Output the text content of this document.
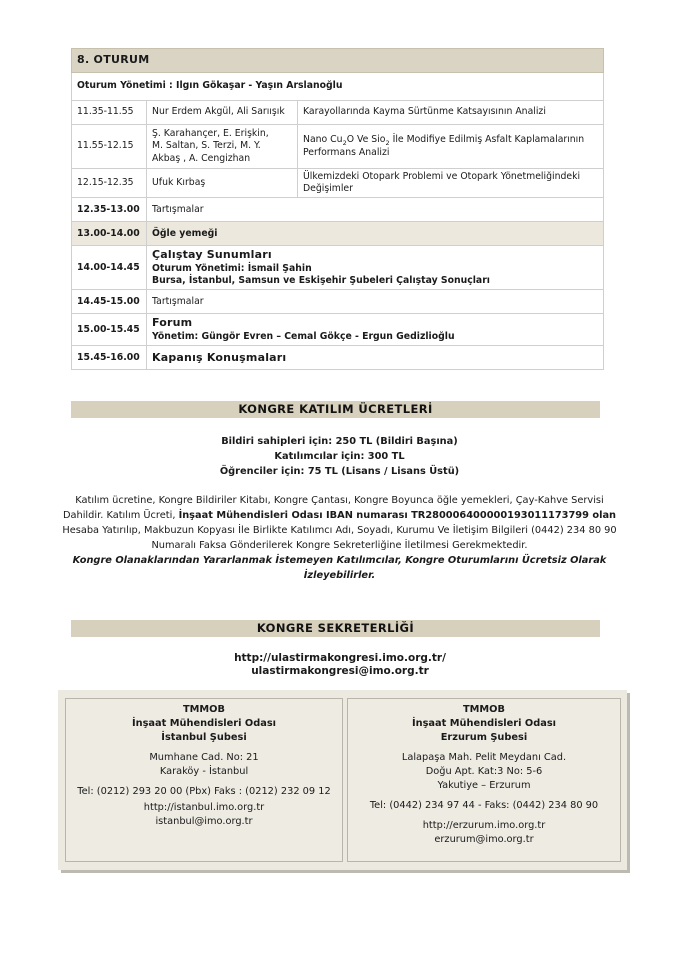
8. OTURUM		
Oturum Yönetimi : Ilgın Gökaşar - Yaşın Arslanoğlu		
11.35-11.55	Nur Erdem Akgül, Ali Sarıışık	Karayollarında Kayma Sürtünme Katsayısının Analizi
11.55-12.15	Ş. Karahançer, E. Erişkin,
M. Saltan, S. Terzi, M. Y.
Akbaş , A. Cengizhan	Nano $Cu_2O$ Ve Sio$_2$ İle Modifiye Edilmiş Asfalt Kaplamalarının Performans Analizi
12.15-12.35	Ufuk Kırbaş	Ülkemizdeki Otopark Problemi ve Otopark Yönetmeliğindeki Değişimler
12.35-13.00	Tartışmalar	
13.00-14.00	Öğle yemeği	
14.00-14.45	Çalıştay Sunumları
Oturum Yönetimi: İsmail Şahin
Bursa, İstanbul, Samsun ve Eskişehir Şubeleri Çalıştay Sonuçları	

14.45-15.00	Tartışmalar	
15.00-15.45	Forum
Yönetim: Güngör Evren – Cemal Gökçe - Ergun Gedizlioğlu	

15.45-16.00	Kapanış Konuşmaları	
KONGRE KATILIM ÜCRETLERİ
Bildiri sahipleri için: 250 TL (Bildiri Başına)
Katılımcılar için: 300 TL
Öğrenciler için: 75 TL (Lisans / Lisans Üstü)
Katılım ücretine, Kongre Bildiriler Kitabı, Kongre Çantası, Kongre Boyunca öğle yemekleri, Çay-Kahve Servisi Dahildir. Katılım Ücreti, İnşaat Mühendisleri Odası IBAN numarası TR280006400000193011173799 olan Hesaba Yatırılıp, Makbuzun Kopyası İle Birlikte Katılımcı Adı, Soyadı, Kurumu Ve İletişim Bilgileri (0442) 234 80 90 Numaralı Faksa Gönderilerek Kongre Sekreterliğine İletilmesi Gerekmektedir.
Kongre Olanaklarından Yararlanmak İstemeyen Katılımcılar, Kongre Oturumlarını Ücretsiz Olarak İzleyebilirler.
KONGRE SEKRETERLİĞİ
http://ulastirmakongresi.imo.org.tr/
ulastirmakongresi@imo.org.tr
TMMOB
İnşaat Mühendisleri Odası
İstanbul Şubesi
Mumhane Cad. No: 21
Karaköy - İstanbul
Tel: (0212) 293 20 00 (Pbx) Faks : (0212) 232 09 12
http://istanbul.imo.org.tr
istanbul@imo.org.tr
TMMOB
İnşaat Mühendisleri Odası
Erzurum Şubesi
Lalapaşa Mah. Pelit Meydanı Cad.
Doğu Apt. Kat:3 No: 5-6
Yakutiye – Erzurum
Tel: (0442) 234 97 44 - Faks: (0442) 234 80 90
http://erzurum.imo.org.tr
erzurum@imo.org.tr
